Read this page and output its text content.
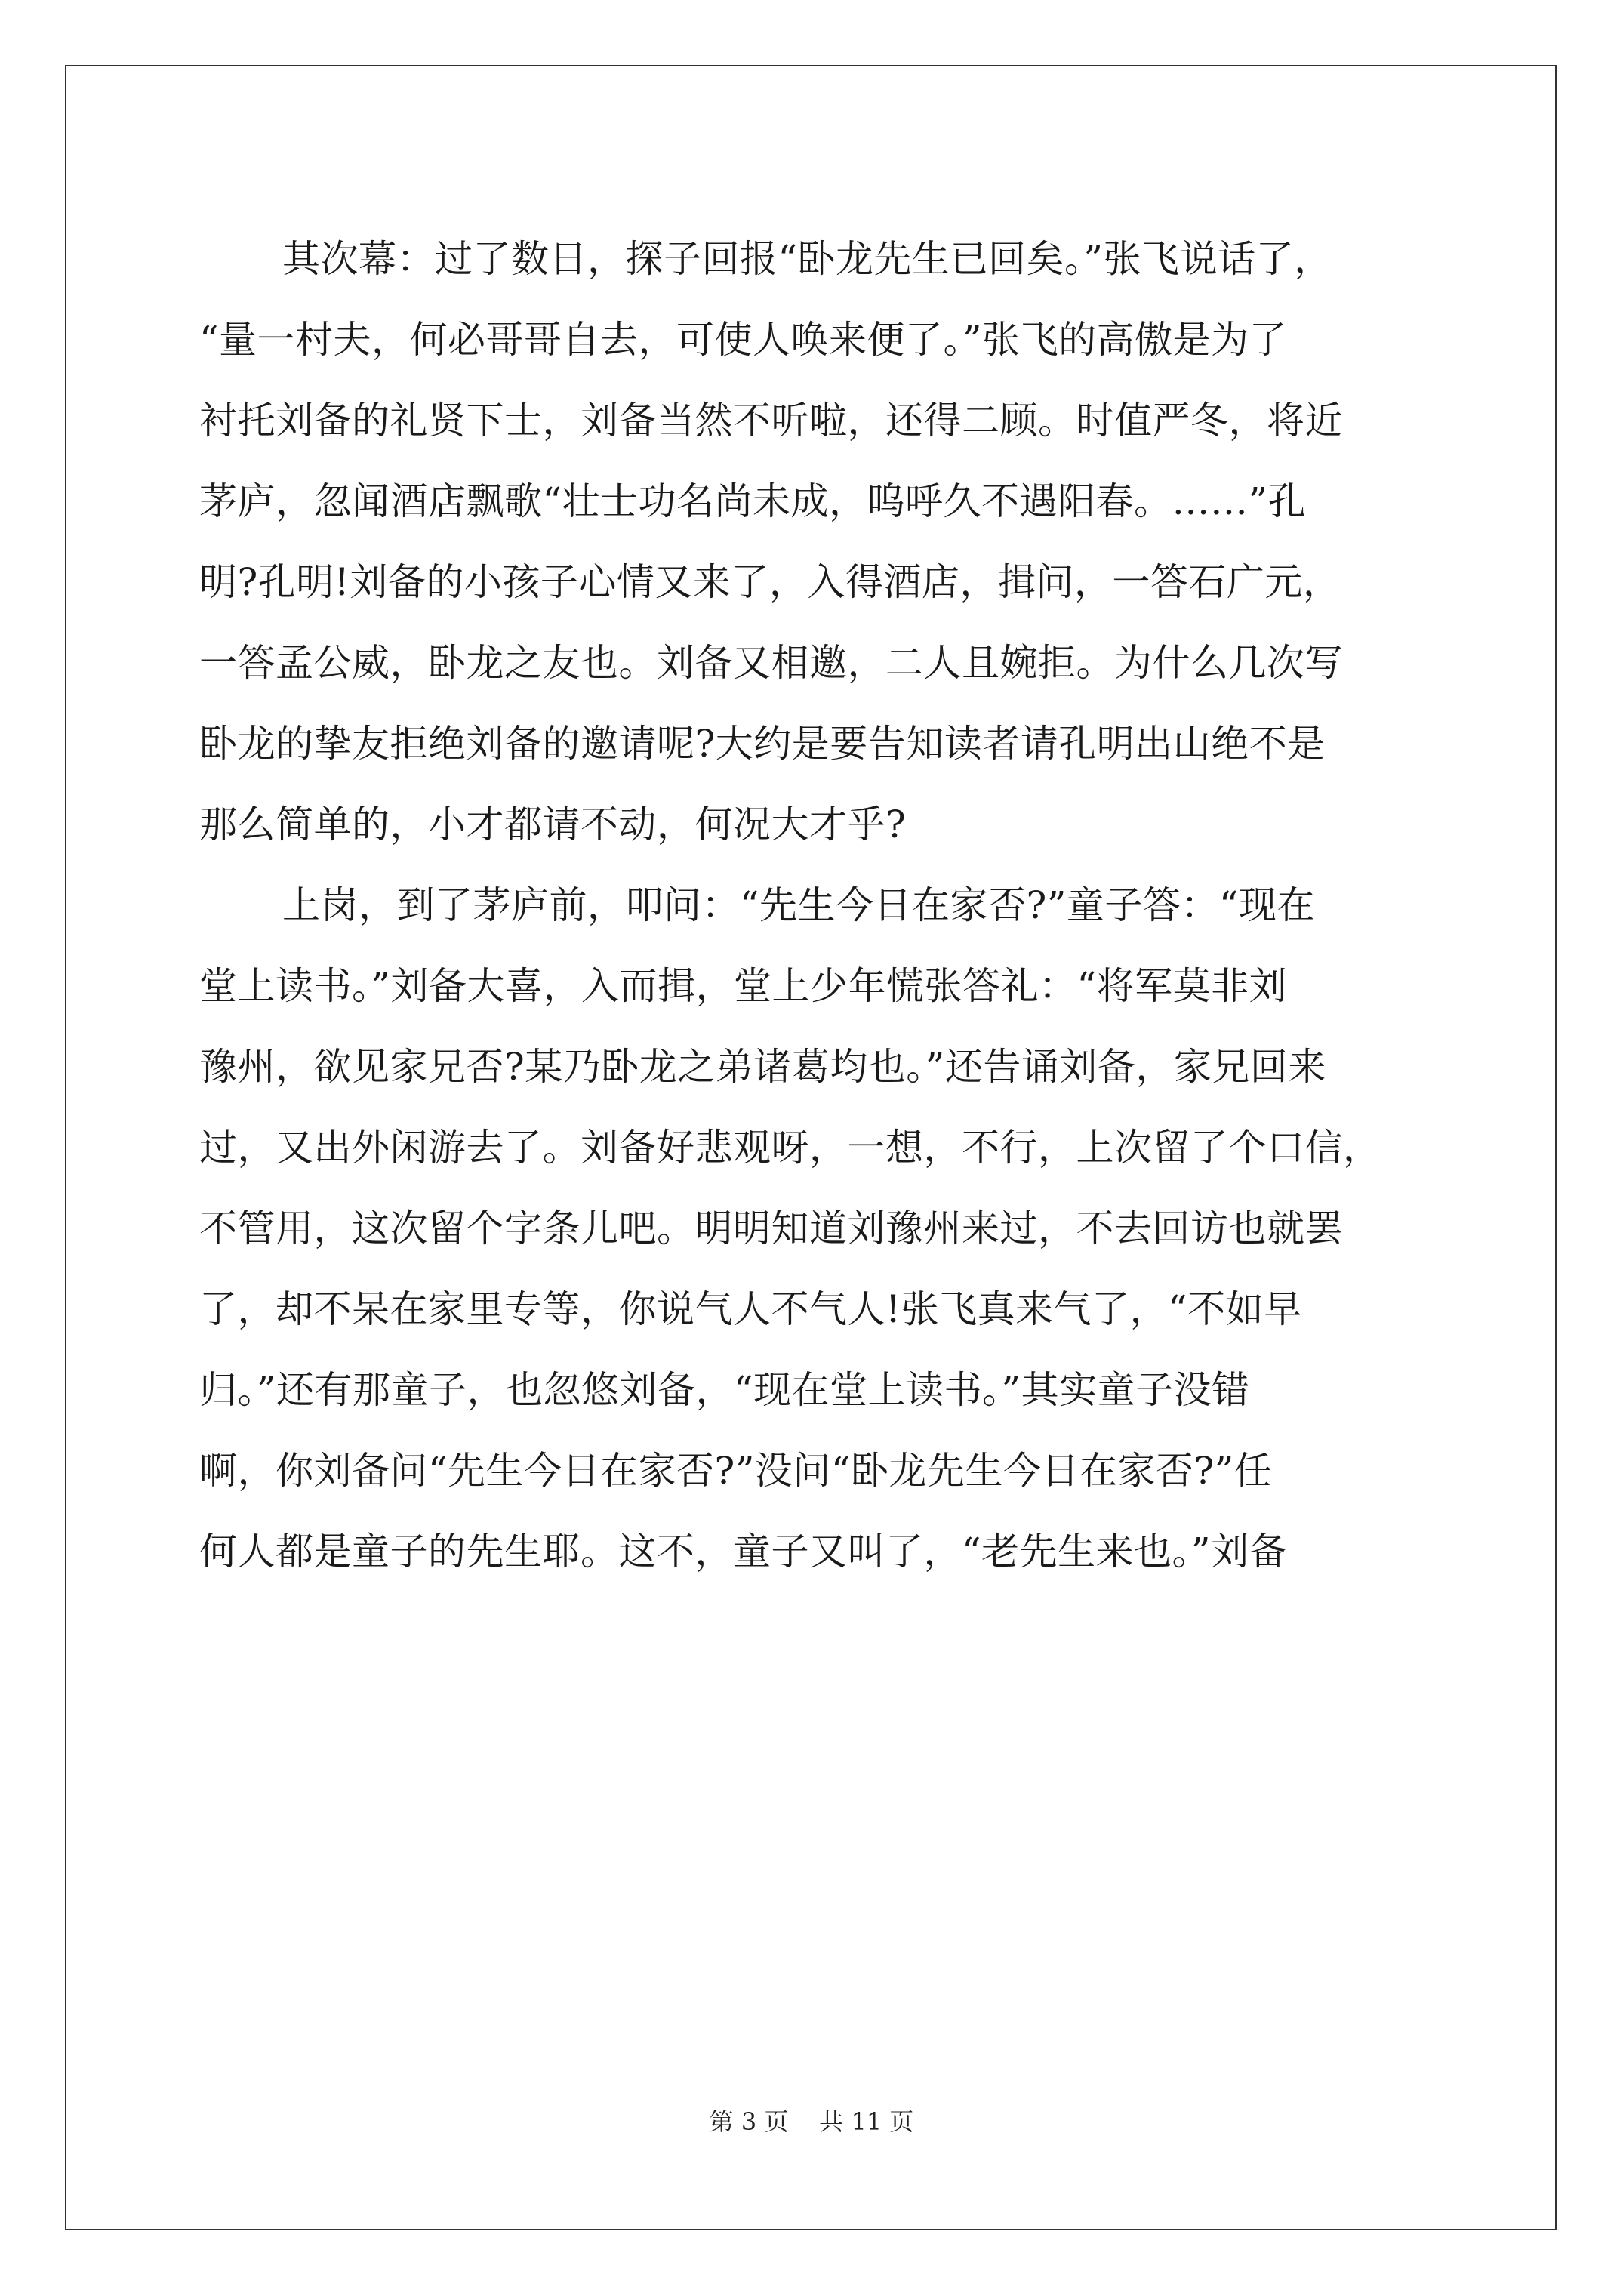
其次幕：过了数日，探子回报“卧龙先生已回矣。”张飞说话了，
“量一村夫，何必哥哥自去，可使人唤来便了。”张飞的高傲是为了
衬托刘备的礼贤下士，刘备当然不听啦，还得二顾。时值严冬，将近
茅庐，忽闻酒店飘歌“壮士功名尚未成，呜呼久不遇阳春。……”孔
明?孔明!刘备的小孩子心情又来了，入得酒店，揖问，一答石广元，
一答孟公威，卧龙之友也。刘备又相邀，二人且婉拒。为什么几次写
卧龙的挚友拒绝刘备的邀请呢?大约是要告知读者请孔明出山绝不是
那么简单的，小才都请不动，何况大才乎?
上岗，到了茅庐前，叩问：“先生今日在家否?”童子答：“现在
堂上读书。”刘备大喜，入而揖，堂上少年慌张答礼：“将军莫非刘
豫州，欲见家兄否?某乃卧龙之弟诸葛均也。”还告诵刘备，家兄回来
过，又出外闲游去了。刘备好悲观呀，一想，不行，上次留了个口信，
不管用，这次留个字条儿吧。明明知道刘豫州来过，不去回访也就罢
了，却不呆在家里专等，你说气人不气人!张飞真来气了，“不如早
归。”还有那童子，也忽悠刘备，“现在堂上读书。”其实童子没错
啊，你刘备问“先生今日在家否?”没问“卧龙先生今日在家否?”任
何人都是童子的先生耶。这不，童子又叫了，“老先生来也。”刘备
第 3 页 共 11 页
